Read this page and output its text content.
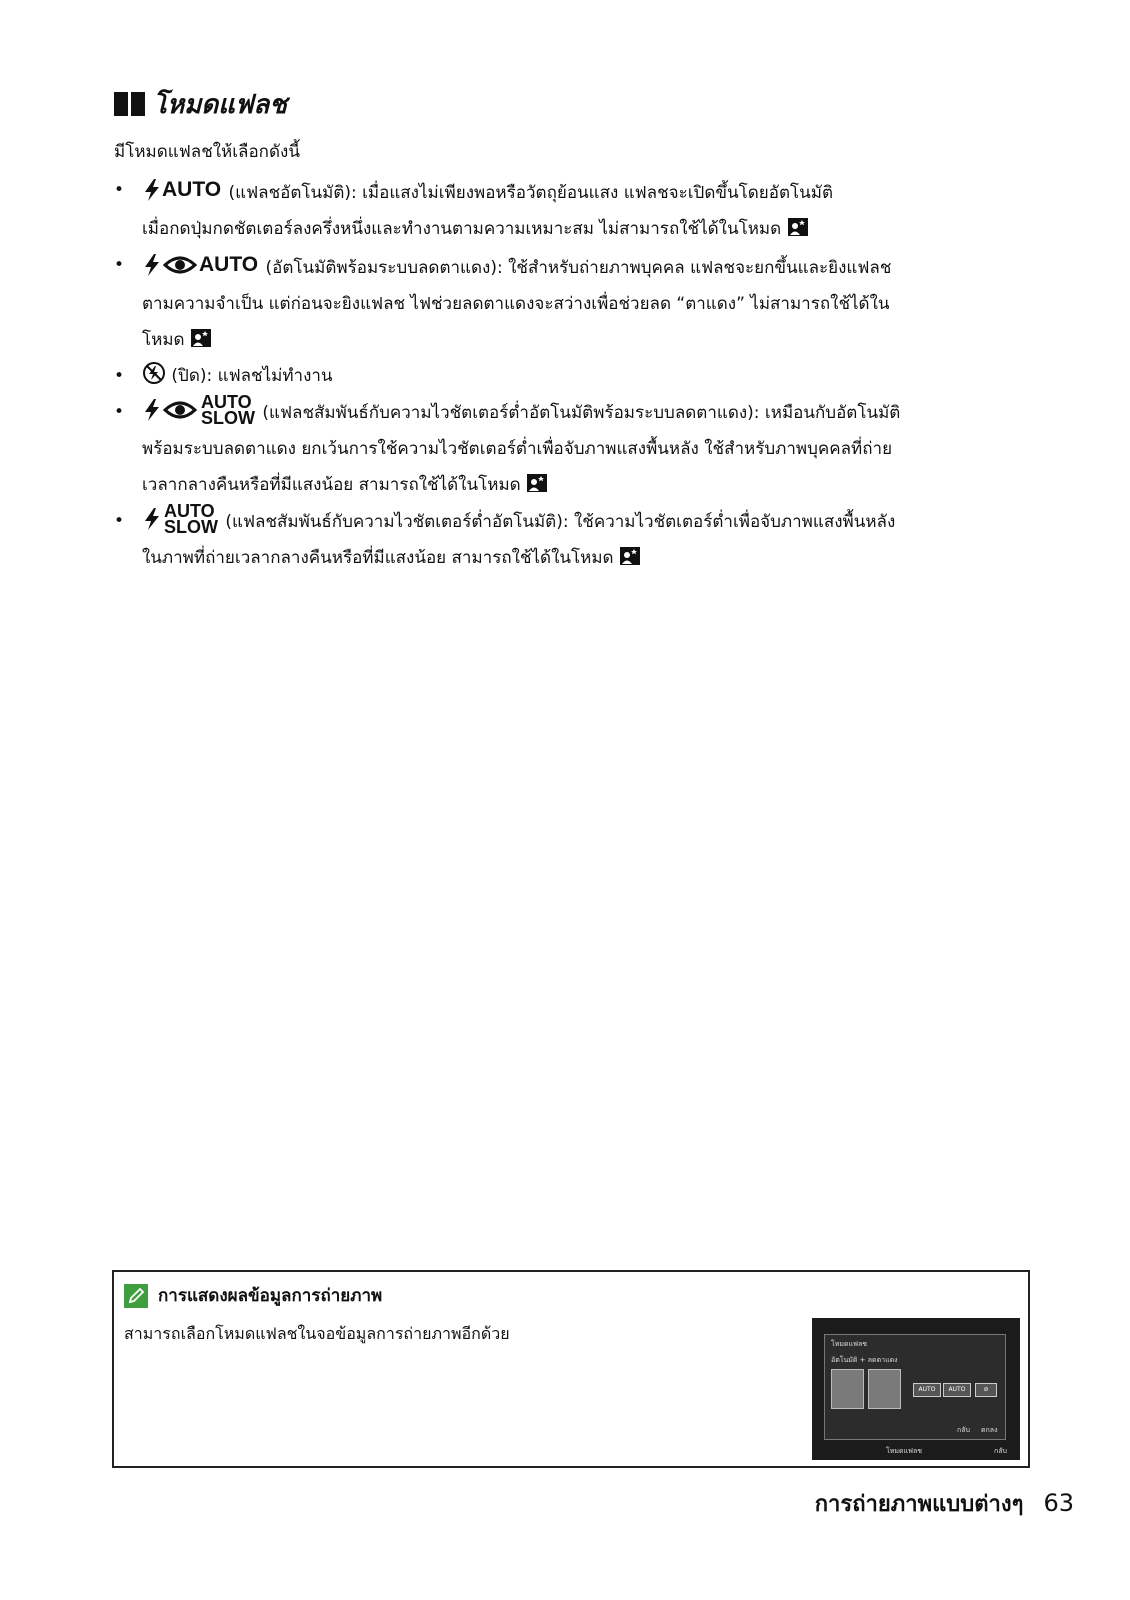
โหมดแฟลช
มีโหมดแฟลชให้เลือกดังนี้
• AUTO (แฟลชอัตโนมัติ): เมื่อแสงไม่เพียงพอหรือวัตถุย้อนแสง แฟลชจะเปิดขึ้นโดยอัตโนมัติ
เมื่อกดปุ่มกดชัตเตอร์ลงครึ่งหนึ่งและทำงานตามความเหมาะสม ไม่สามารถใช้ได้ในโหมด
• AUTO (อัตโนมัติพร้อมระบบลดตาแดง): ใช้สำหรับถ่ายภาพบุคคล แฟลชจะยกขึ้นและยิงแฟลช
ตามความจำเป็น แต่ก่อนจะยิงแฟลช ไฟช่วยลดตาแดงจะสว่างเพื่อช่วยลด “ตาแดง” ไม่สามารถใช้ได้ใน
โหมด
• (ปิด): แฟลชไม่ทำงาน
• AUTO
SLOW (แฟลชสัมพันธ์กับความไวชัตเตอร์ต่ำอัตโนมัติพร้อมระบบลดตาแดง): เหมือนกับอัตโนมัติ
พร้อมระบบลดตาแดง ยกเว้นการใช้ความไวชัตเตอร์ต่ำเพื่อจับภาพแสงพื้นหลัง ใช้สำหรับภาพบุคคลที่ถ่าย
เวลากลางคืนหรือที่มีแสงน้อย สามารถใช้ได้ในโหมด
• AUTO
SLOW (แฟลชสัมพันธ์กับความไวชัตเตอร์ต่ำอัตโนมัติ): ใช้ความไวชัตเตอร์ต่ำเพื่อจับภาพแสงพื้นหลัง
ในภาพที่ถ่ายเวลากลางคืนหรือที่มีแสงน้อย สามารถใช้ได้ในโหมด
การแสดงผลข้อมูลการถ่ายภาพ
สามารถเลือกโหมดแฟลชในจอข้อมูลการถ่ายภาพอีกด้วย
โหมดแฟลช
อัตโนมัติ + ลดตาแดง
AUTO	AUTO	⊘
กลับ ตกลง
โหมดแฟลช	กลับ
การถ่ายภาพแบบต่างๆ 63
